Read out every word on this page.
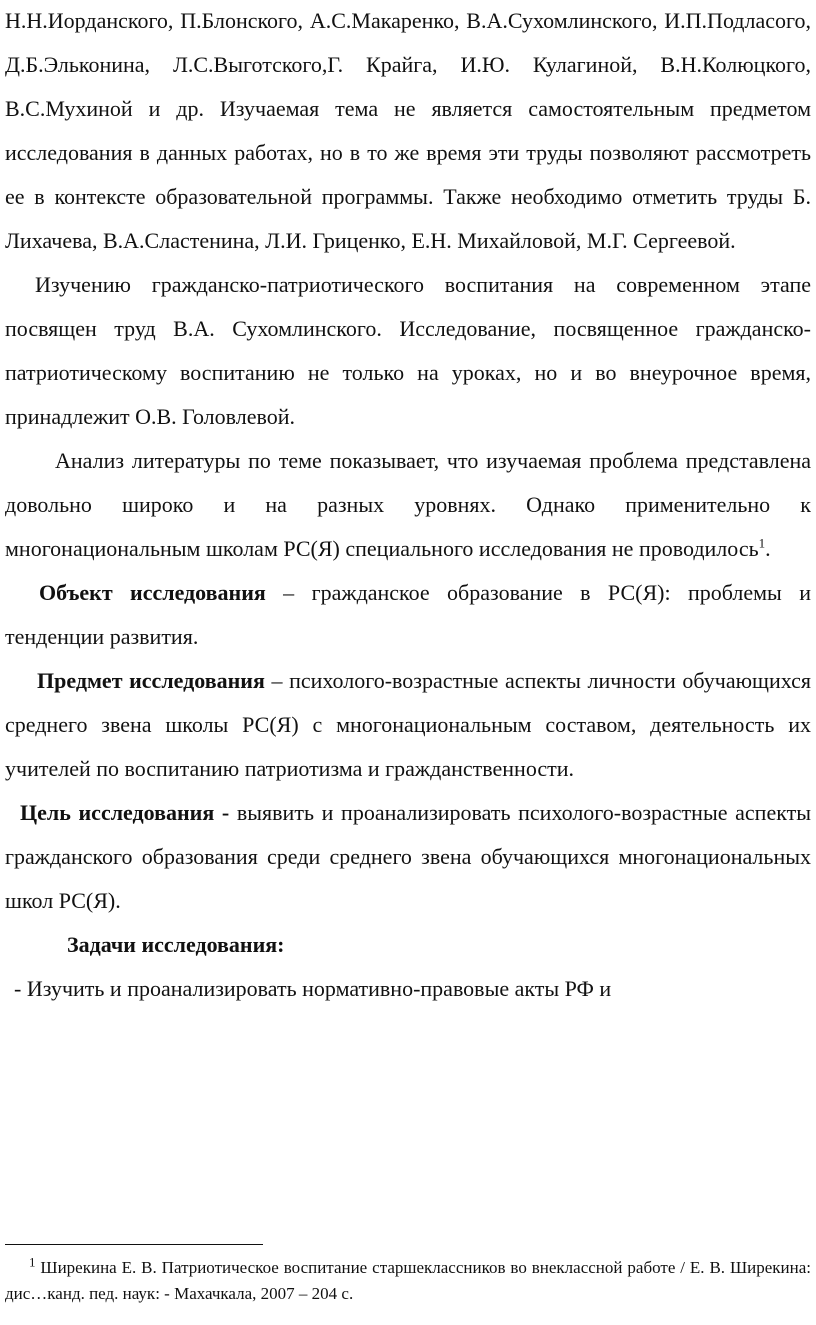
Н.Н.Иорданского, П.Блонского, А.С.Макаренко, В.А.Сухомлинского, И.П.Подласого, Д.Б.Эльконина, Л.С.Выготского,Г. Крайга, И.Ю. Кулагиной, В.Н.Колюцкого, В.С.Мухиной и др. Изучаемая тема не является самостоятельным предметом исследования в данных работах, но в то же время эти труды позволяют рассмотреть ее в контексте образовательной программы. Также необходимо отметить труды Б. Лихачева, В.А.Сластенина, Л.И. Гриценко, Е.Н. Михайловой, М.Г. Сергеевой.

Изучению гражданско-патриотического воспитания на современном этапе посвящен труд В.А. Сухомлинского. Исследование, посвященное гражданско-патриотическому воспитанию не только на уроках, но и во внеурочное время, принадлежит О.В. Головлевой.

Анализ литературы по теме показывает, что изучаемая проблема представлена довольно широко и на разных уровнях. Однако применительно к многонациональным школам РС(Я) специального исследования не проводилось$^1$.

Объект исследования – гражданское образование в РС(Я): проблемы и тенденции развития.

Предмет исследования – психолого-возрастные аспекты личности обучающихся среднего звена школы РС(Я) с многонациональным составом, деятельность их учителей по воспитанию патриотизма и гражданственности.

Цель исследования - выявить и проанализировать психолого-возрастные аспекты гражданского образования среди среднего звена обучающихся многонациональных школ РС(Я).

Задачи исследования:

- Изучить и проанализировать нормативно-правовые акты РФ и

$^1$ Ширекина Е. В. Патриотическое воспитание старшеклассников во внеклассной работе / Е. В. Ширекина: дис…канд. пед. наук: - Махачкала, 2007 – 204 с.
